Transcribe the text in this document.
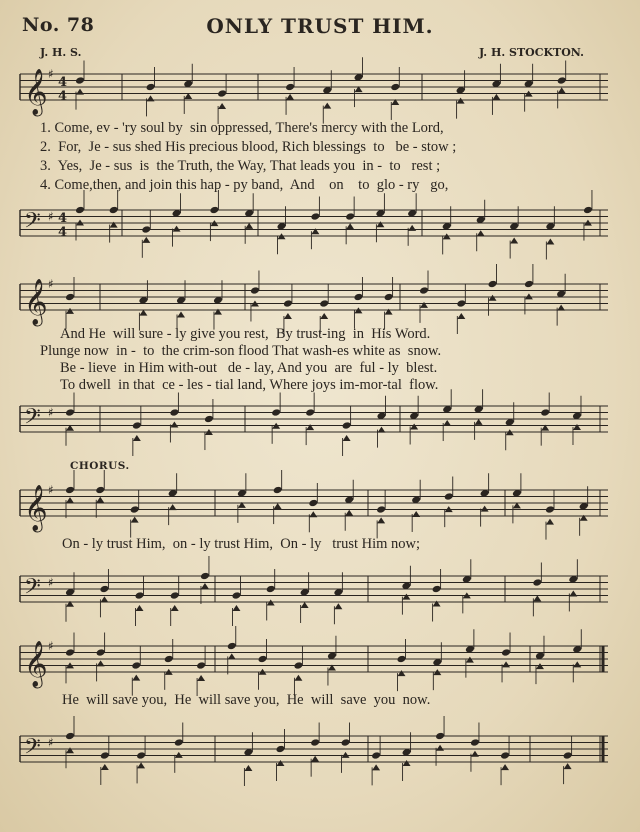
No. 78	ONLY TRUST HIM.
J. H. S.	J. H. STOCKTON.
𝄞 ♯
4
4
1. Come, ev - 'ry soul by  sin oppressed, There's mercy with the Lord,
2.  For,  Je - sus shed His precious blood, Rich blessings  to   be - stow ;
3.  Yes,  Je - sus  is  the Truth, the Way, That leads you  in -  to   rest ;
4. Come,then, and join this hap - py band,  And    on    to  glo - ry   go,
𝄢 ♯ 4
4
𝄞 ♯
And He  will sure - ly give you rest,  By trust-ing  in  His Word.
Plunge now  in -  to  the crim-son flood That wash-es white as  snow.
Be - lieve  in Him with-out   de - lay, And you  are  ful - ly  blest.
To dwell  in that  ce - les - tial land, Where joys im-mor-tal  flow.
𝄢 ♯
CHORUS.
𝄞 ♯
On - ly trust Him,  on - ly trust Him,  On - ly   trust Him now;
𝄢 ♯
𝄞 ♯
He  will save you,  He  will save you,  He  will  save  you  now.
𝄢 ♯
